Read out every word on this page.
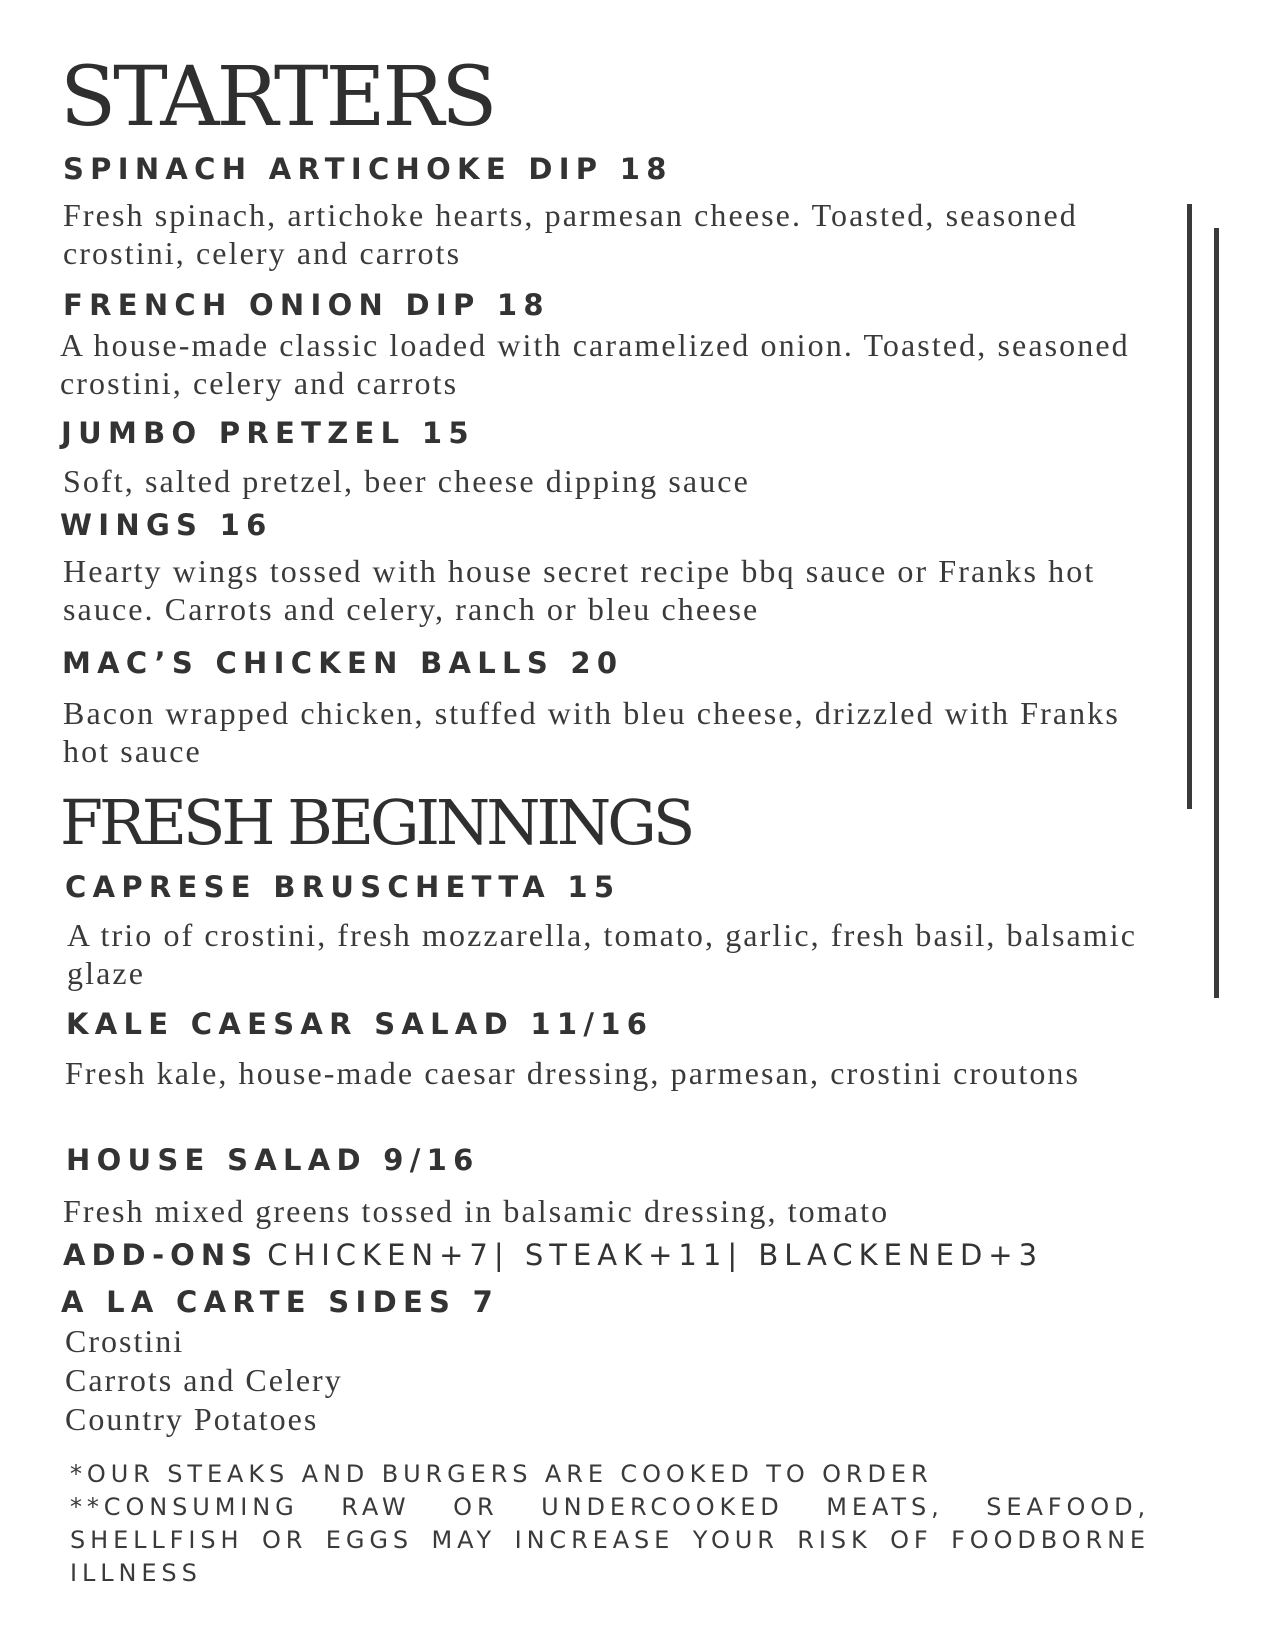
STARTERS
SPINACH ARTICHOKE DIP 18
Fresh spinach, artichoke hearts, parmesan cheese. Toasted, seasoned crostini, celery and carrots
FRENCH ONION DIP 18
A house-made classic loaded with caramelized onion. Toasted, seasoned crostini, celery and carrots
JUMBO PRETZEL 15
Soft, salted pretzel, beer cheese dipping sauce
WINGS 16
Hearty wings tossed with house secret recipe bbq sauce or Franks hot sauce. Carrots and celery, ranch or bleu cheese
MAC’S CHICKEN BALLS 20
Bacon wrapped chicken, stuffed with bleu cheese, drizzled with Franks hot sauce
FRESH BEGINNINGS
CAPRESE BRUSCHETTA 15
A trio of crostini, fresh mozzarella, tomato, garlic, fresh basil, balsamic glaze
KALE CAESAR SALAD 11/16
Fresh kale, house-made caesar dressing, parmesan, crostini croutons
HOUSE SALAD 9/16
Fresh mixed greens tossed in balsamic dressing, tomato
ADD-ONS CHICKEN+7| STEAK+11| BLACKENED+3
A LA CARTE SIDES 7
Crostini
Carrots and Celery
Country Potatoes
*OUR STEAKS AND BURGERS ARE COOKED TO ORDER
**CONSUMING RAW OR UNDERCOOKED MEATS, SEAFOOD, SHELLFISH OR EGGS MAY INCREASE YOUR RISK OF FOODBORNE ILLNESS
